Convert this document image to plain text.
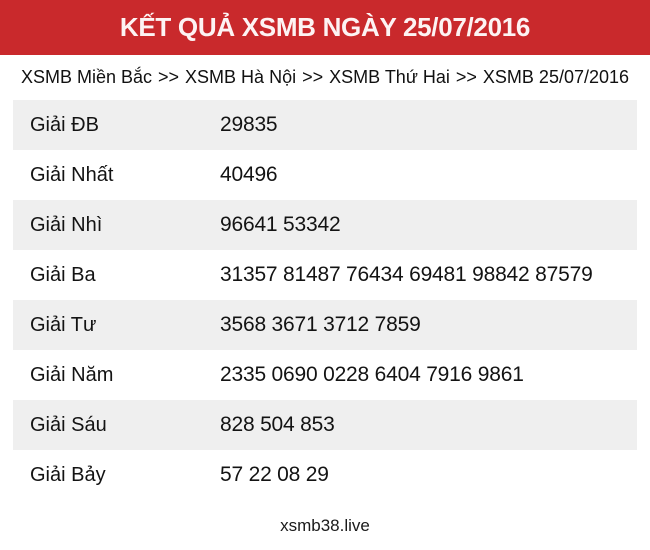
KẾT QUẢ XSMB NGÀY 25/07/2016
XSMB Miền Bắc >> XSMB Hà Nội >> XSMB Thứ Hai >> XSMB 25/07/2016
Giải ĐB	29835
Giải Nhất	40496
Giải Nhì	96641 53342
Giải Ba	31357 81487 76434 69481 98842 87579
Giải Tư	3568 3671 3712 7859
Giải Năm	2335 0690 0228 6404 7916 9861
Giải Sáu	828 504 853
Giải Bảy	57 22 08 29
xsmb38.live
